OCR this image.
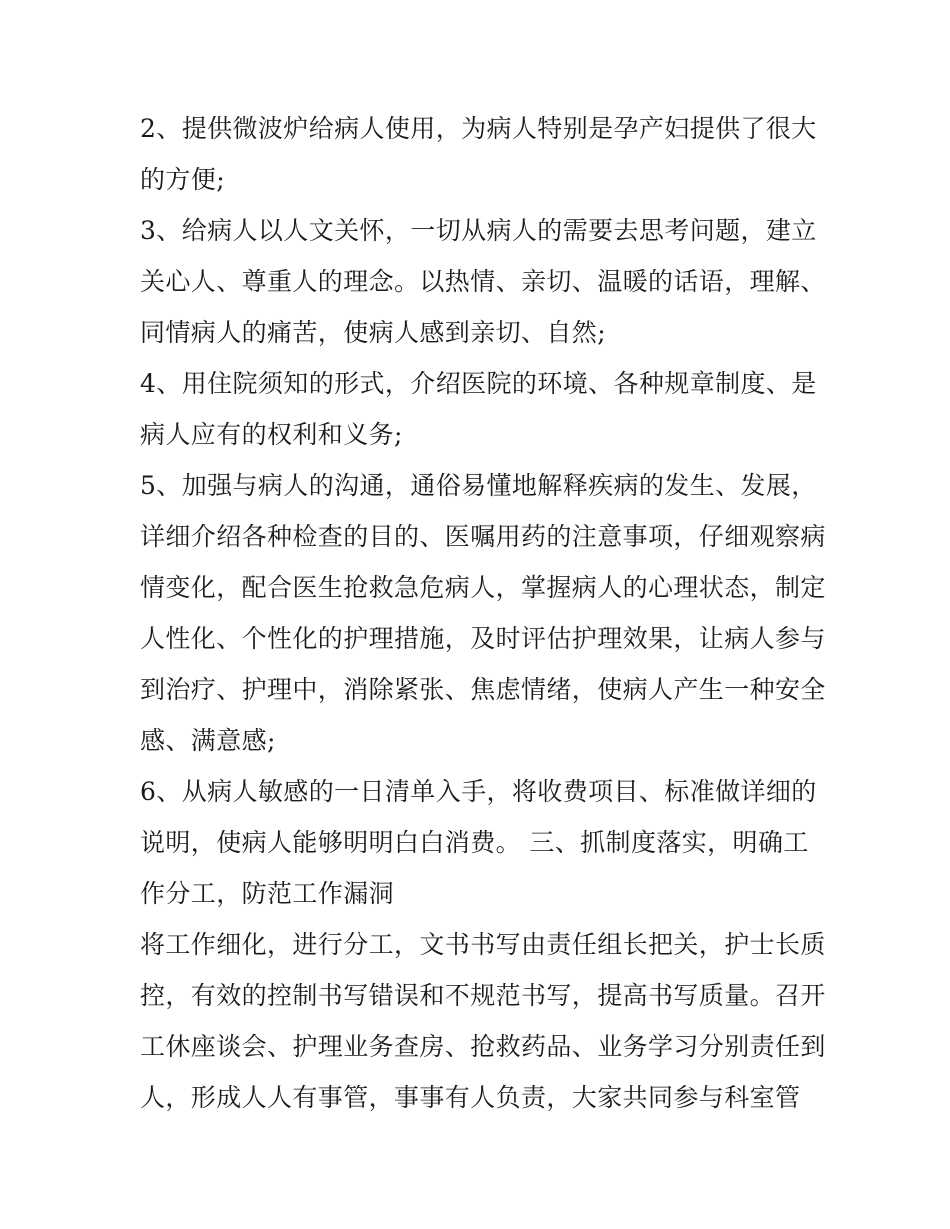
2、提供微波炉给病人使用，为病人特别是孕产妇提供了很大
的方便;
3、给病人以人文关怀，一切从病人的需要去思考问题，建立
关心人、尊重人的理念。以热情、亲切、温暖的话语，理解、
同情病人的痛苦，使病人感到亲切、自然;
4、用住院须知的形式，介绍医院的环境、各种规章制度、是
病人应有的权利和义务;
5、加强与病人的沟通，通俗易懂地解释疾病的发生、发展，
详细介绍各种检查的目的、医嘱用药的注意事项，仔细观察病
情变化，配合医生抢救急危病人，掌握病人的心理状态，制定
人性化、个性化的护理措施，及时评估护理效果，让病人参与
到治疗、护理中，消除紧张、焦虑情绪，使病人产生一种安全
感、满意感;
6、从病人敏感的一日清单入手，将收费项目、标准做详细的
说明，使病人能够明明白白消费。 三、抓制度落实，明确工
作分工，防范工作漏洞
将工作细化，进行分工，文书书写由责任组长把关，护士长质
控，有效的控制书写错误和不规范书写，提高书写质量。召开
工休座谈会、护理业务查房、抢救药品、业务学习分别责任到
人，形成人人有事管，事事有人负责，大家共同参与科室管
